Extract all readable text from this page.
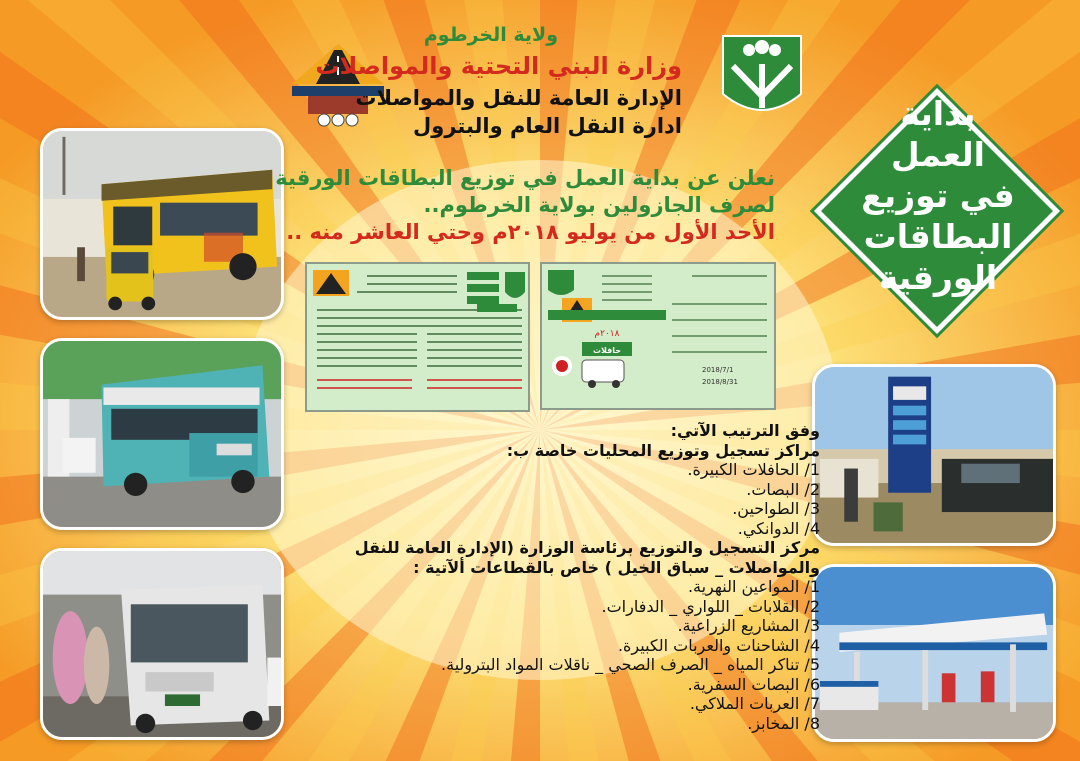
ولاية الخرطوم
وزارة البني التحتية والمواصلات
الإدارة العامة للنقل والمواصلات
ادارة النقل العام والبترول
نعلن عن بداية العمل في توزيع البطاقات الورقية
لصرف الجازولين بولاية الخرطوم..
الأحد الأول من يوليو ٢٠١٨م وحتي العاشر منه ..
بداية
العمل
في توزيع
البطاقات
الورقية
٢٠١٨م
حافلات
2018/7/1
2018/8/31
وفق الترتيب الآتي:
مراكز تسجيل وتوزيع المحليات خاصة ب:
1/ الحافلات الكبيرة.
2/ البصات.
3/ الطواحين.
4/ الدوانكي.
مركز التسجيل والتوزيع برئاسة الوزارة (الإدارة العامة للنقل
والمواصلات _ سباق الخيل ) خاص بالقطاعات ألآتية :
1/ المواعين النهرية.
2/ القلابات _ اللواري _ الدفارات.
3/ المشاريع الزراعية.
4/ الشاحنات والعربات الكبيرة.
5/ تناكر المياه _ الصرف الصحي _ ناقلات المواد البترولية.
6/ البصات السفرية.
7/ العربات الملاكي.
8/ المخابز.
